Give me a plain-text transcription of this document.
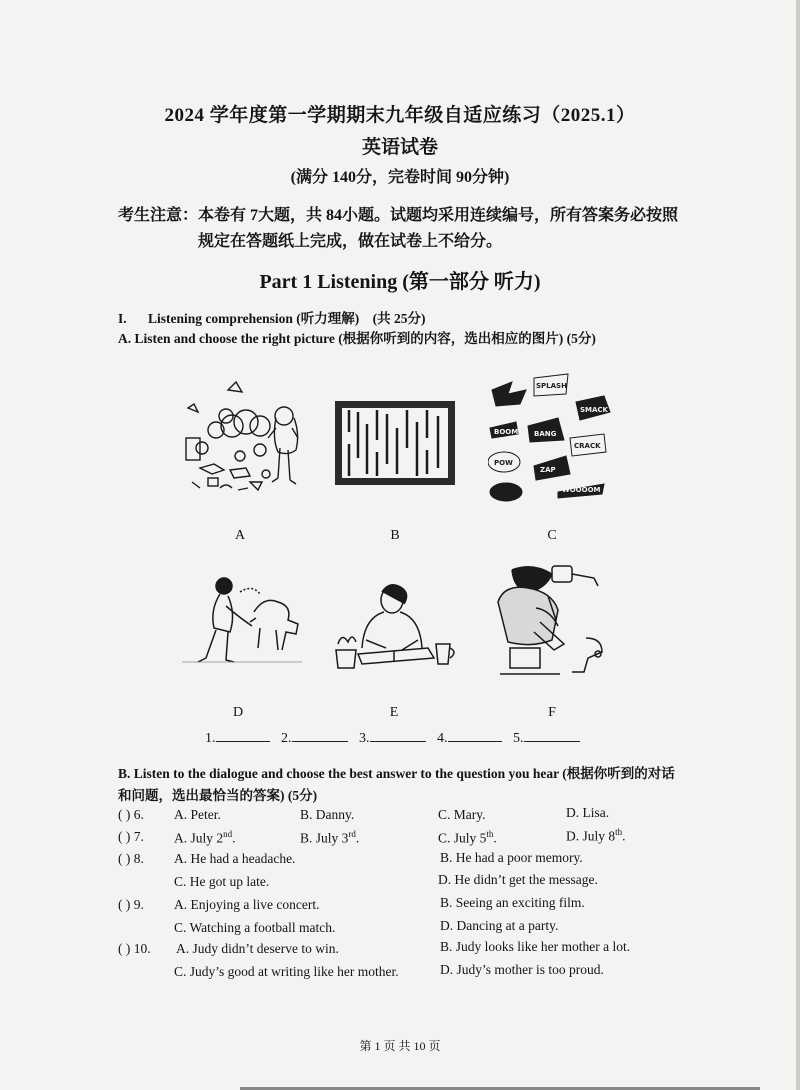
2024 学年度第一学期期末九年级自适应练习（2025.1）
英语试卷
(满分 140分，完卷时间 90分钟)
考生注意：本卷有 7大题，共 84小题。试题均采用连续编号，所有答案务必按照
规定在答题纸上完成，做在试卷上不给分。
Part 1 Listening (第一部分 听力)
I. Listening comprehension (听力理解) (共 25分)
A. Listen and choose the right picture (根据你听到的内容，选出相应的图片) (5分)
SPLASH
SMACK
BOOM BANG
CRACK
POW
ZAP
WOOOOM
A	B	C
D	E	F
1.	2.	3.	4.	5.
B. Listen to the dialogue and choose the best answer to the question you hear (根据你听到的对话
和问题，选出最恰当的答案) (5分)
( ) 6. A. Peter.	B. Danny.	C. Mary.	D. Lisa.
( ) 7. A. July 2nd.	B. July 3rd.	C. July 5th.	D. July 8th.
( ) 8. A. He had a headache.	B. He had a poor memory.
C. He got up late.	D. He didn’t get the message.
( ) 9. A. Enjoying a live concert.	B. Seeing an exciting film.
C. Watching a football match.	D. Dancing at a party.
( ) 10. A. Judy didn’t deserve to win.	B. Judy looks like her mother a lot.
C. Judy’s good at writing like her mother.	D. Judy’s mother is too proud.
第 1 页 共 10 页
